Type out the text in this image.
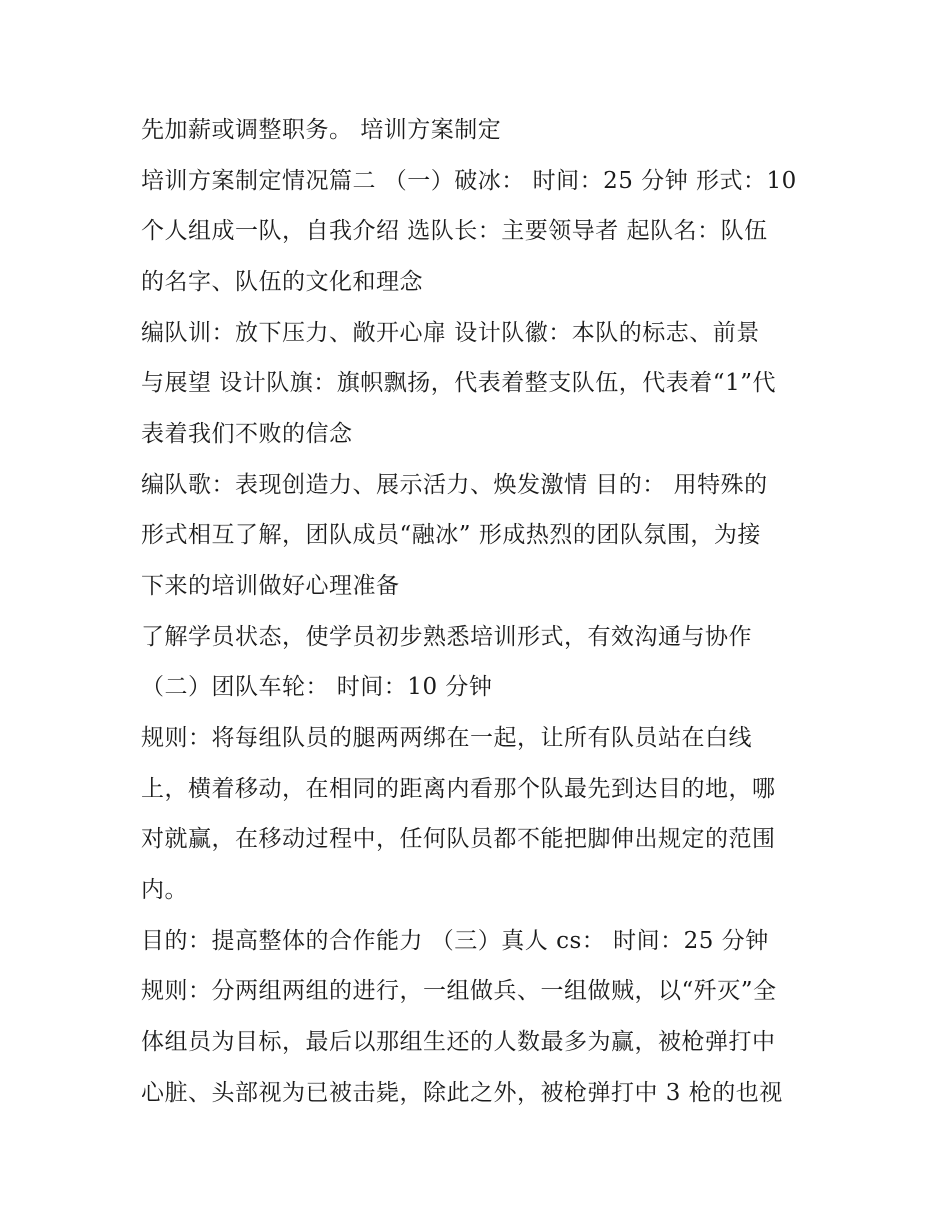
先加薪或调整职务。 培训方案制定
培训方案制定情况篇二 （一）破冰： 时间：25 分钟 形式：10
个人组成一队，自我介绍 选队长：主要领导者 起队名：队伍
的名字、队伍的文化和理念
编队训：放下压力、敞开心扉 设计队徽：本队的标志、前景
与展望 设计队旗：旗帜飘扬，代表着整支队伍，代表着“1”代
表着我们不败的信念
编队歌：表现创造力、展示活力、焕发激情 目的： 用特殊的
形式相互了解，团队成员“融冰” 形成热烈的团队氛围，为接
下来的培训做好心理准备
了解学员状态，使学员初步熟悉培训形式，有效沟通与协作
（二）团队车轮： 时间：10 分钟
规则：将每组队员的腿两两绑在一起，让所有队员站在白线
上，横着移动，在相同的距离内看那个队最先到达目的地，哪
对就赢，在移动过程中，任何队员都不能把脚伸出规定的范围
内。
目的：提高整体的合作能力 （三）真人 cs： 时间：25 分钟
规则：分两组两组的进行，一组做兵、一组做贼，以“歼灭”全
体组员为目标，最后以那组生还的人数最多为赢，被枪弹打中
心脏、头部视为已被击毙，除此之外，被枪弹打中 3 枪的也视
